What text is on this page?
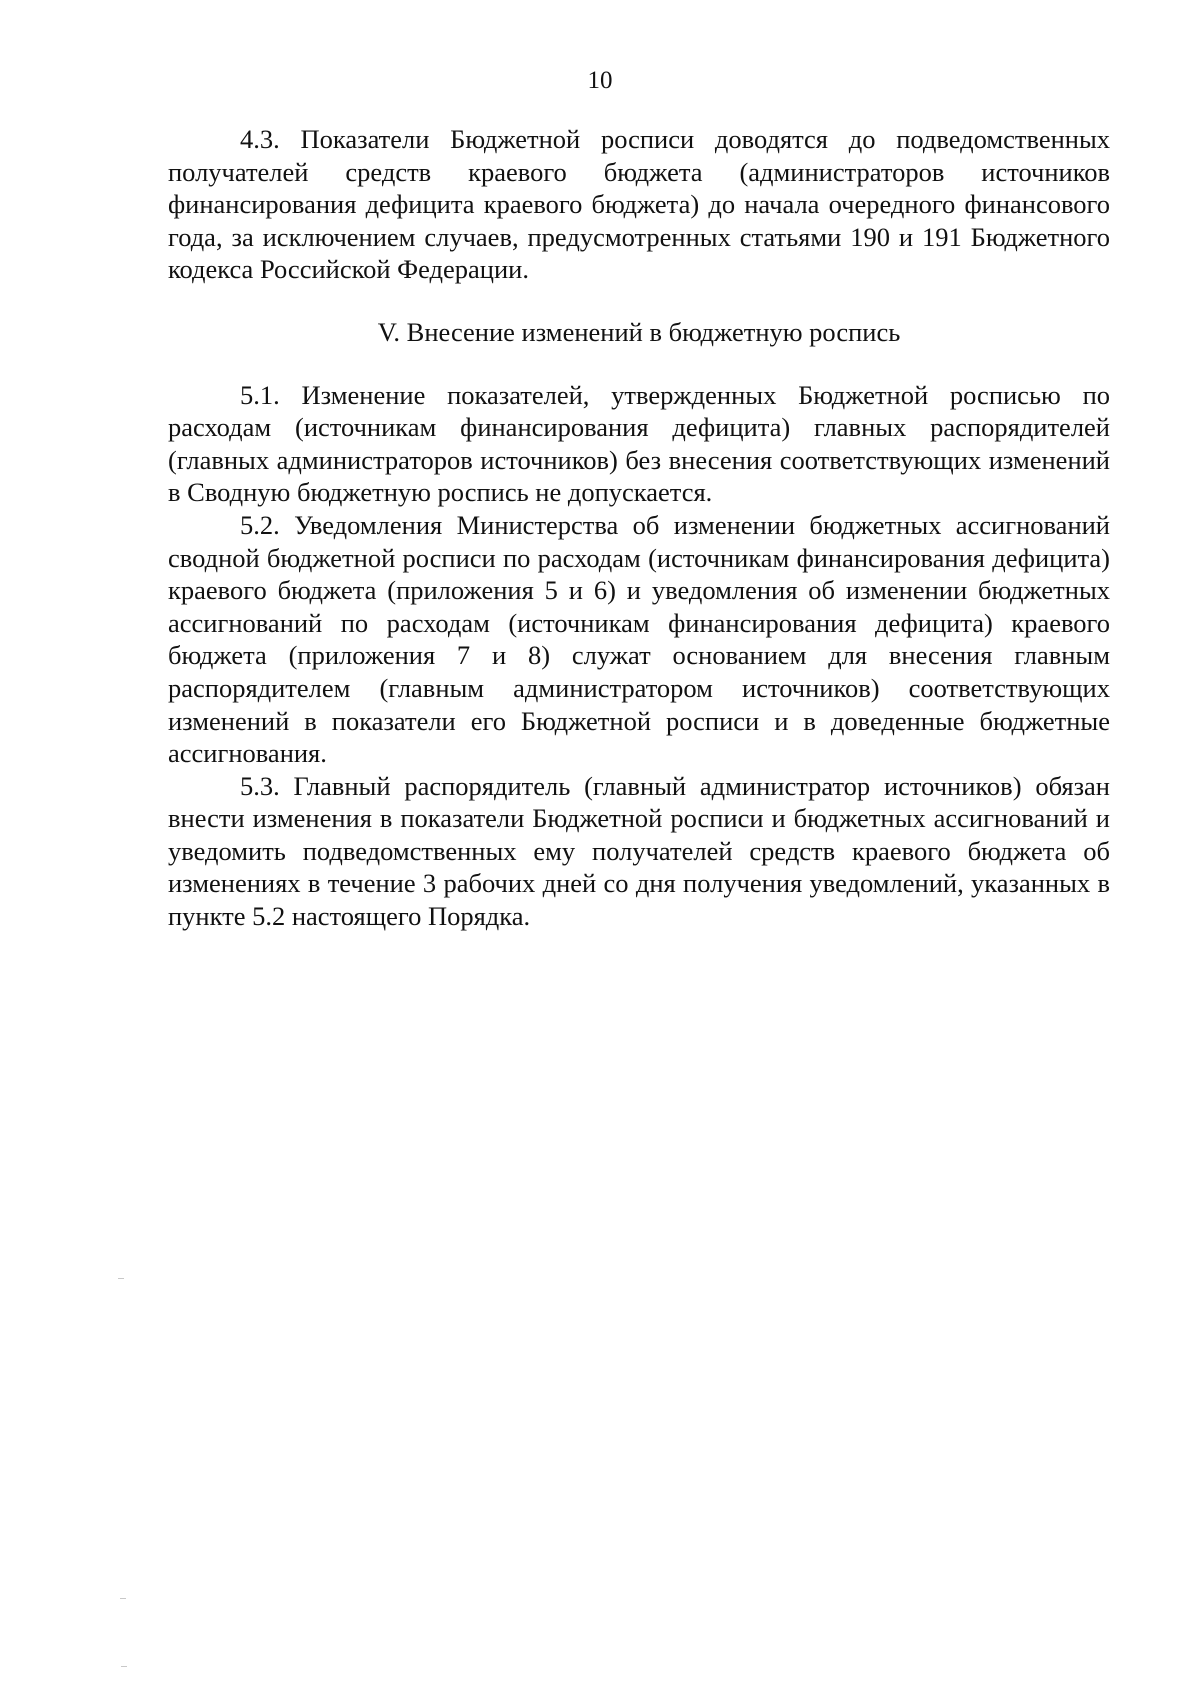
10

4.3. Показатели Бюджетной росписи доводятся до подведомственных получателей средств краевого бюджета (администраторов источников финансирования дефицита краевого бюджета) до начала очередного финансового года, за исключением случаев, предусмотренных статьями 190 и 191 Бюджетного кодекса Российской Федерации.

V. Внесение изменений в бюджетную роспись

5.1. Изменение показателей, утвержденных Бюджетной росписью по расходам (источникам финансирования дефицита) главных распорядителей (главных администраторов источников) без внесения соответствующих изменений в Сводную бюджетную роспись не допускается.

5.2. Уведомления Министерства об изменении бюджетных ассигнований сводной бюджетной росписи по расходам (источникам финансирования дефицита) краевого бюджета (приложения 5 и 6) и уведомления об изменении бюджетных ассигнований по расходам (источникам финансирования дефицита) краевого бюджета (приложения 7 и 8) служат основанием для внесения главным распорядителем (главным администратором источников) соответствующих изменений в показатели его Бюджетной росписи и в доведенные бюджетные ассигнования.

5.3. Главный распорядитель (главный администратор источников) обязан внести изменения в показатели Бюджетной росписи и бюджетных ассигнований и уведомить подведомственных ему получателей средств краевого бюджета об изменениях в течение 3 рабочих дней со дня получения уведомлений, указанных в пункте 5.2 настоящего Порядка.
